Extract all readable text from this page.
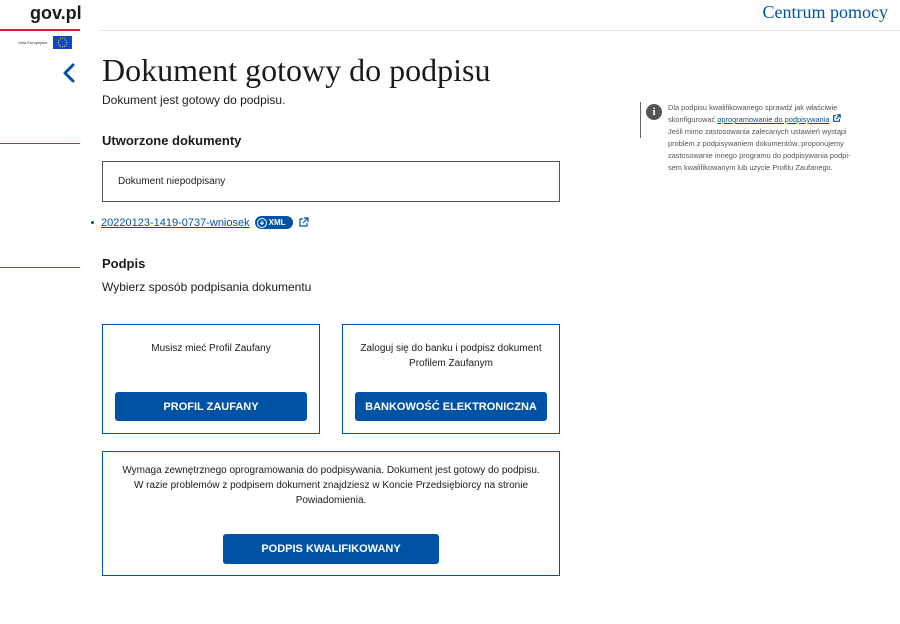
gov.pl
Unia Europejska
Centrum pomocy
Dokument gotowy do podpisu
Dokument jest gotowy do podpisu.
Utworzone dokumenty
Dokument niepodpisany
20220123-1419-0737-wniosek XML
Podpis
Wybierz sposób podpisania dokumentu
Musisz mieć Profil Zaufany
PROFIL ZAUFANY
Zaloguj się do banku i podpisz dokument
Profilem Zaufanym
BANKOWOŚĆ ELEKTRONICZNA
Wymaga zewnętrznego oprogramowania do podpisywania. Dokument jest gotowy do podpisu.
W razie problemów z podpisem dokument znajdziesz w Koncie Przedsiębiorcy na stronie
Powiadomienia.
PODPIS KWALIFIKOWANY
i	Dla podpisu kwalifikowanego sprawdź jak właściwie
skonfigurować oprogramowanie do podpisywania
Jeśli mimo zastosowania zalecanych ustawień wystąpi
problem z podpisywaniem dokumentów, proponujemy
zastosowanie innego programu do podpisywania podpi-
sem kwalifikowanym lub użycie Profilu Zaufanego.
